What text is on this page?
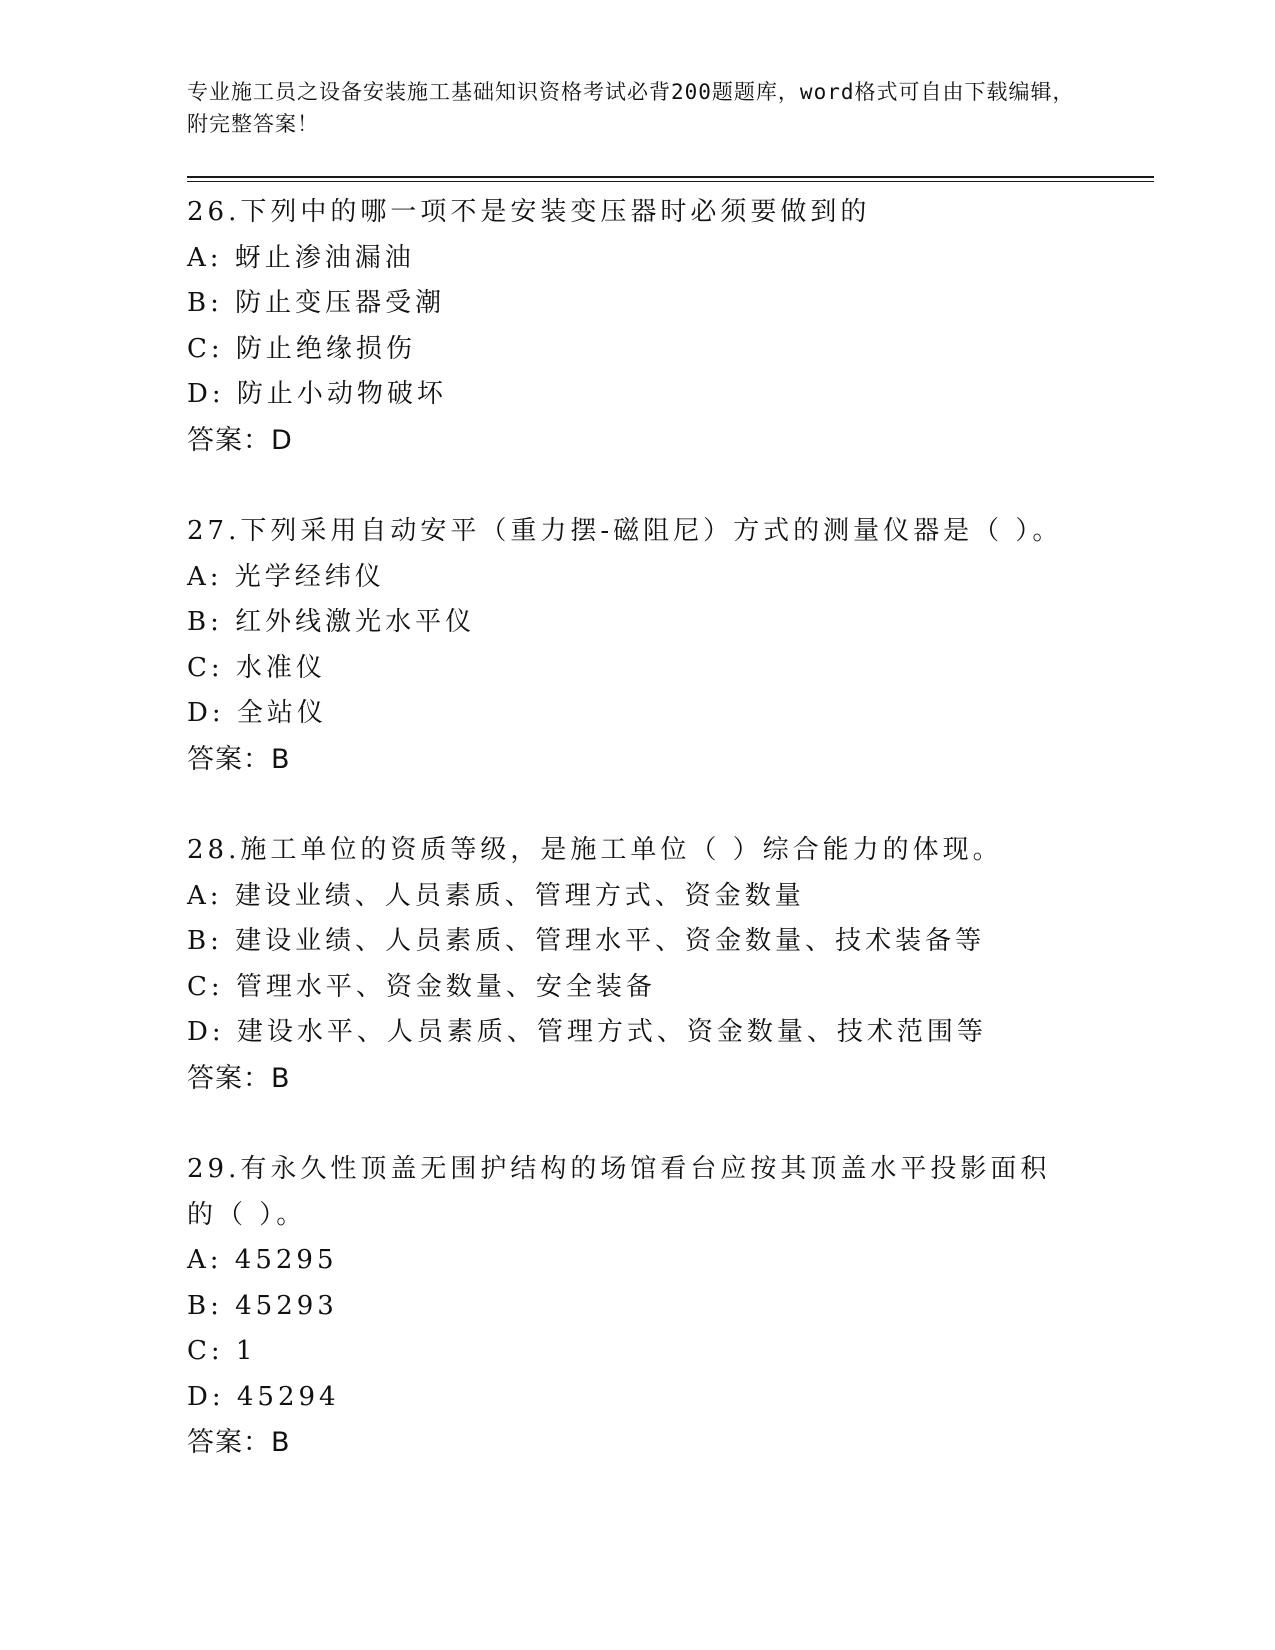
专业施工员之设备安装施工基础知识资格考试必背200题题库，word格式可自由下载编辑，附完整答案！
26.下列中的哪一项不是安装变压器时必须要做到的
A: 蚜止渗油漏油
B: 防止变压器受潮
C: 防止绝缘损伤
D: 防止小动物破坏
答案：D
27.下列采用自动安平（重力摆-磁阻尼）方式的测量仪器是（ ）。
A: 光学经纬仪
B: 红外线激光水平仪
C: 水准仪
D: 全站仪
答案：B
28.施工单位的资质等级，是施工单位（ ）综合能力的体现。
A: 建设业绩、人员素质、管理方式、资金数量
B: 建设业绩、人员素质、管理水平、资金数量、技术装备等
C: 管理水平、资金数量、安全装备
D: 建设水平、人员素质、管理方式、资金数量、技术范围等
答案：B
29.有永久性顶盖无围护结构的场馆看台应按其顶盖水平投影面积的（ ）。
A: 45295
B: 45293
C: 1
D: 45294
答案：B
